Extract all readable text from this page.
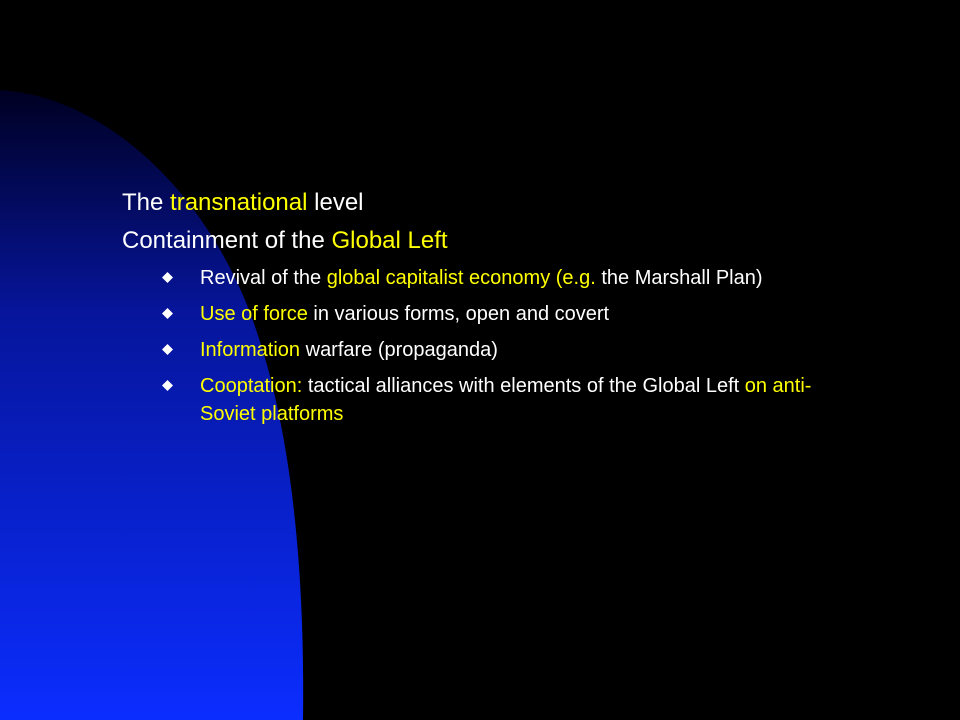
The transnational level
Containment of the Global Left
Revival of the global capitalist economy (e.g. the Marshall Plan)
Use of force in various forms, open and covert
Information warfare (propaganda)
Cooptation: tactical alliances with elements of the Global Left on anti-Soviet platforms
